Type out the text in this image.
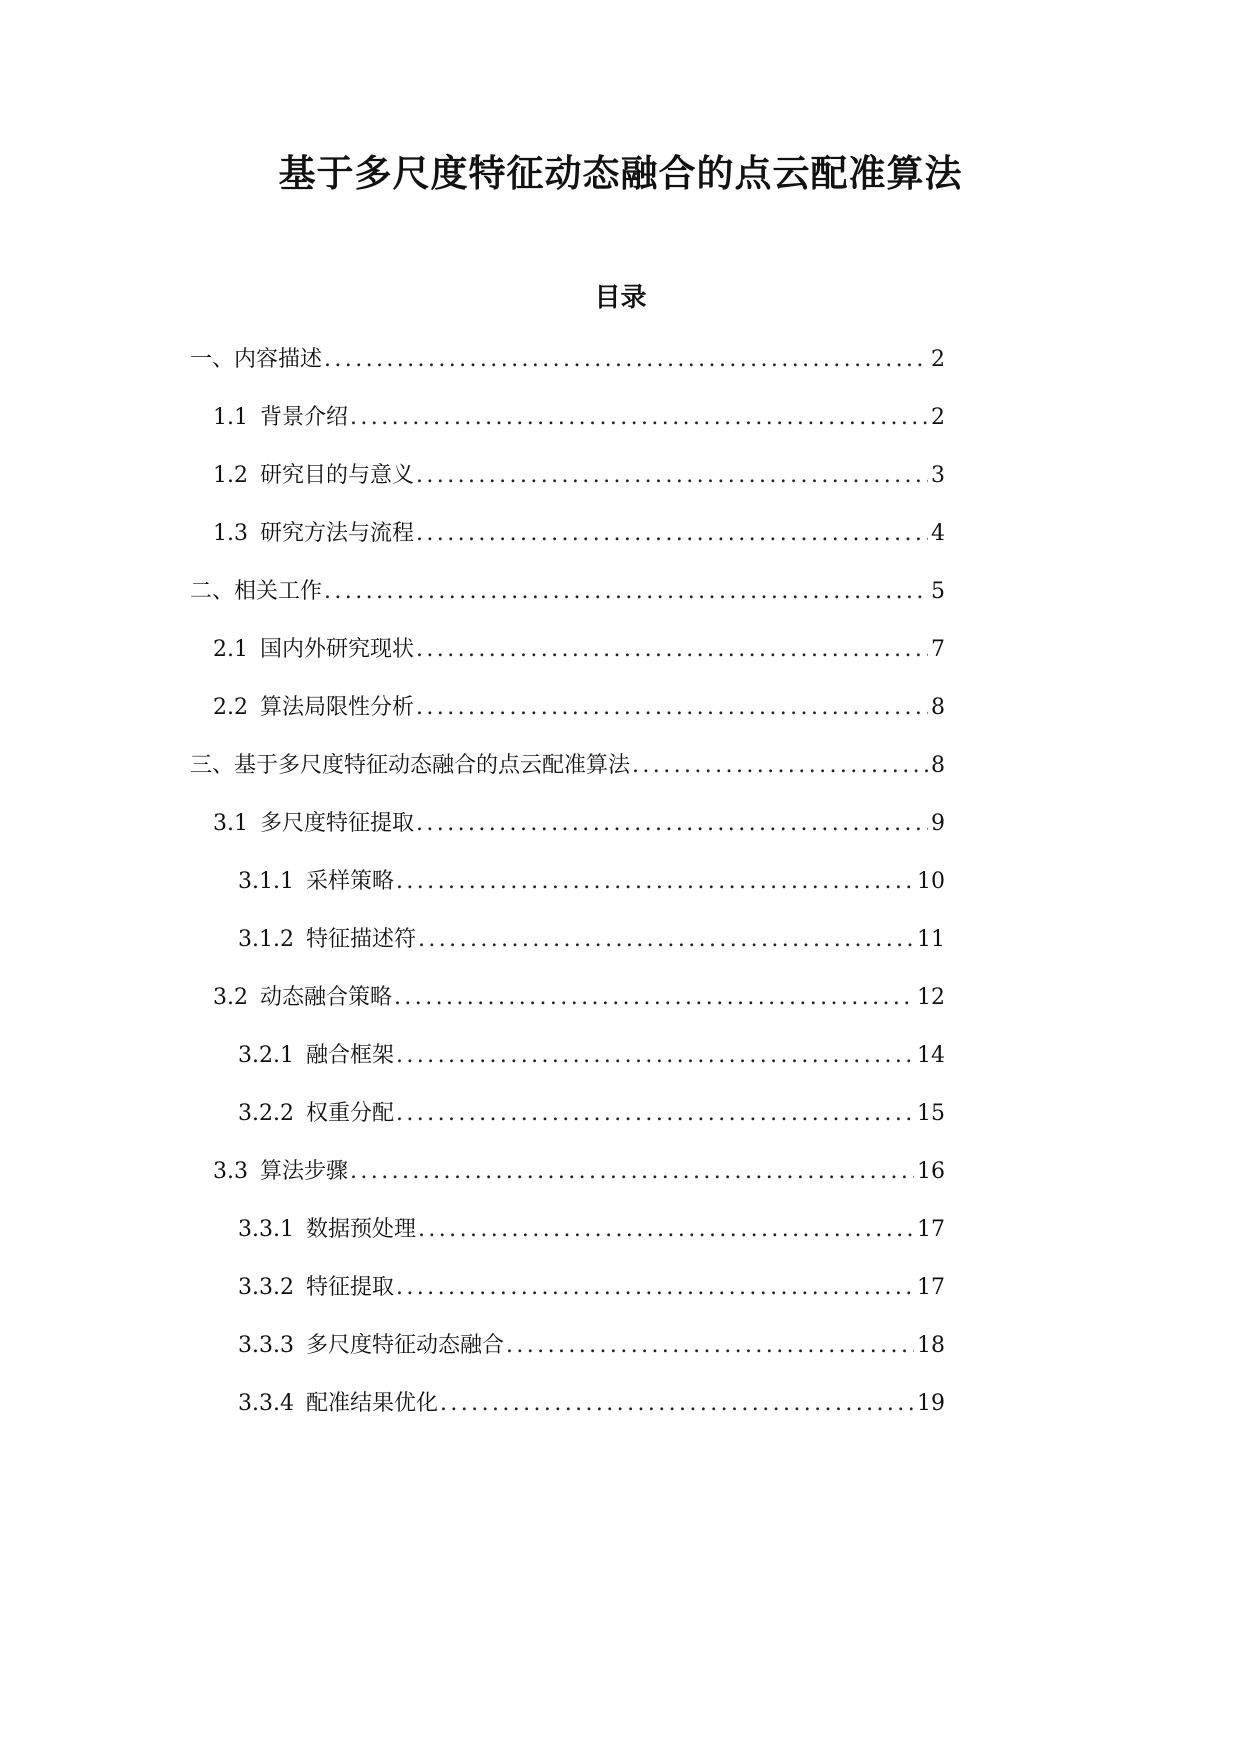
基于多尺度特征动态融合的点云配准算法
目录
一、内容描述 .....	2
1.1 背景介绍 .....	2
1.2 研究目的与意义 .....	3
1.3 研究方法与流程 .....	4
二、相关工作 .....	5
2.1 国内外研究现状 .....	7
2.2 算法局限性分析 .....	8
三、基于多尺度特征动态融合的点云配准算法 .....	8
3.1 多尺度特征提取 .....	9
3.1.1 采样策略 .....	10
3.1.2 特征描述符 .....	11
3.2 动态融合策略 .....	12
3.2.1 融合框架 .....	14
3.2.2 权重分配 .....	15
3.3 算法步骤 .....	16
3.3.1 数据预处理 .....	17
3.3.2 特征提取 .....	17
3.3.3 多尺度特征动态融合 .....	18
3.3.4 配准结果优化 .....	19
